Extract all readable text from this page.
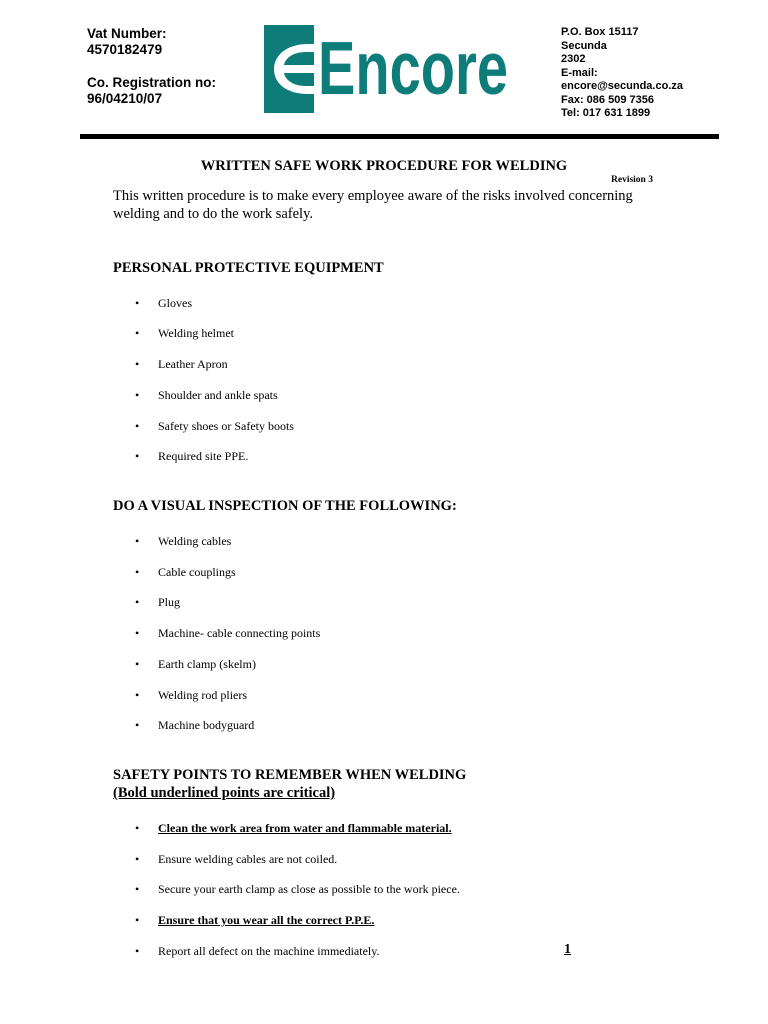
Vat Number:
4570182479
Co. Registration no:
96/04210/07	Encore	P.O. Box 15117
Secunda
2302
E-mail:
encore@secunda.co.za
Fax: 086 509 7356
Tel: 017 631 1899
WRITTEN SAFE WORK PROCEDURE FOR WELDING
Revision 3
This written procedure is to make every employee aware of the risks involved concerning
welding and to do the work safely.
PERSONAL PROTECTIVE EQUIPMENT
• Gloves
• Welding helmet
• Leather Apron
• Shoulder and ankle spats
• Safety shoes or Safety boots
• Required site PPE.
DO A VISUAL INSPECTION OF THE FOLLOWING:
• Welding cables
• Cable couplings
• Plug
• Machine- cable connecting points
• Earth clamp (skelm)
• Welding rod pliers
• Machine bodyguard
SAFETY POINTS TO REMEMBER WHEN WELDING
(Bold underlined points are critical)
• Clean the work area from water and flammable material.
• Ensure welding cables are not coiled.
• Secure your earth clamp as close as possible to the work piece.
• Ensure that you wear all the correct P.P.E.
• Report all defect on the machine immediately.	1
